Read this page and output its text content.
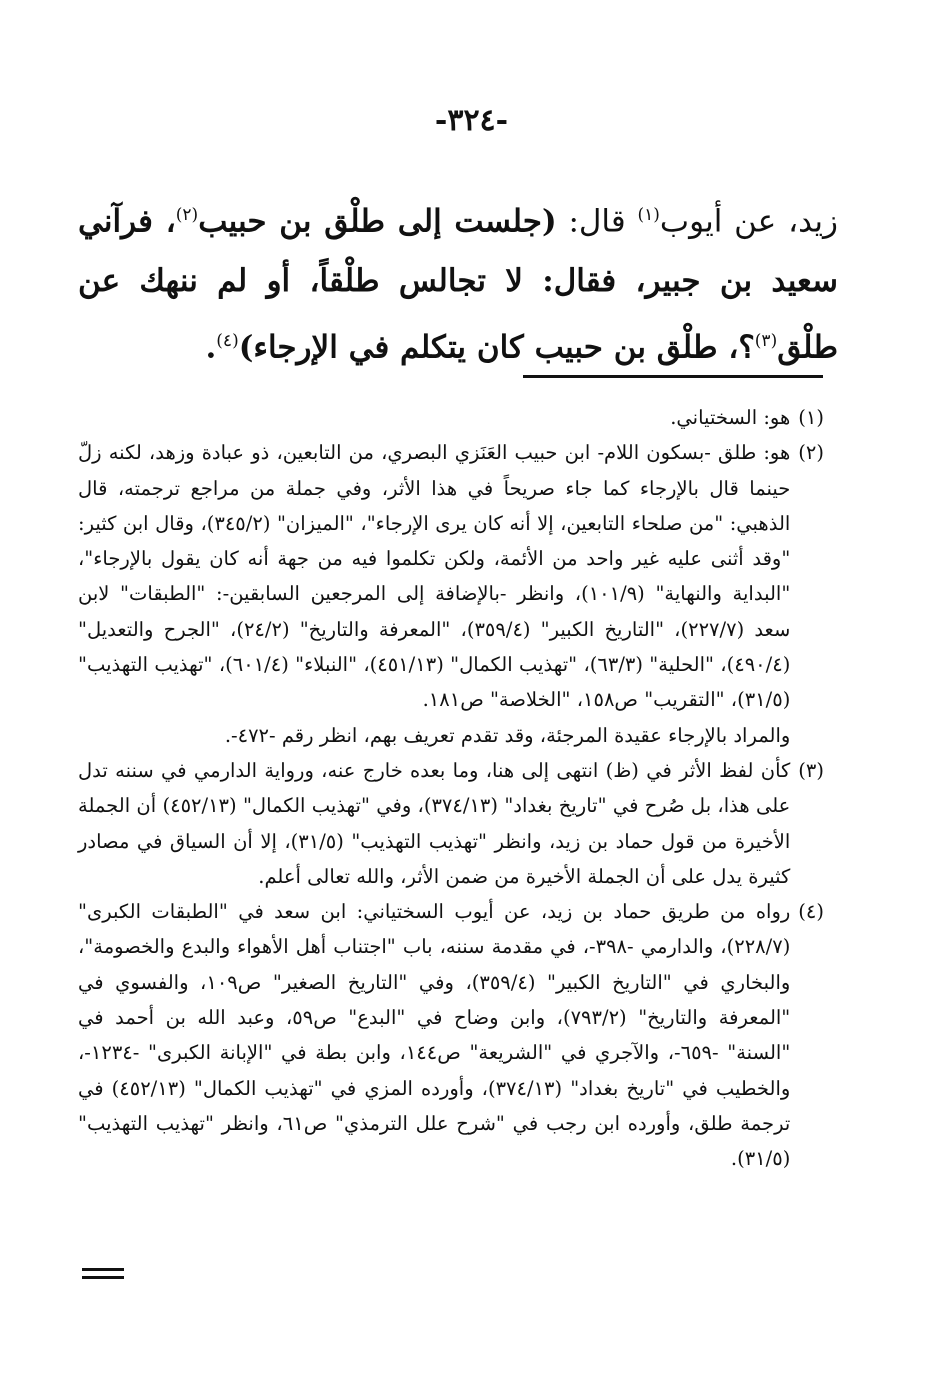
-٣٢٤-
زيد، عن أيوب$^{(١)}$ قال: (جلست إلى طلْق بن حبيب$^{(٢)}$، فرآني سعيد بن جبير، فقال: لا تجالس طلْقاً، أو لم ننهك عن طلْق$^{(٣)}$؟، طلْق بن حبيب كان يتكلم في الإرجاء)$^{(٤)}$.
(١)

هو: السختياني.

(٢)

هو: طلق -بسكون اللام- ابن حبيب العَنَزي البصري، من التابعين، ذو عبادة وزهد، لكنه زلّ حينما قال بالإرجاء كما جاء صريحاً في هذا الأثر، وفي جملة من مراجع ترجمته، قال الذهبي: "من صلحاء التابعين، إلا أنه كان يرى الإرجاء"، "الميزان" (٣٤٥/٢)، وقال ابن كثير: "وقد أثنى عليه غير واحد من الأئمة، ولكن تكلموا فيه من جهة أنه كان يقول بالإرجاء"، "البداية والنهاية" (١٠١/٩)، وانظر -بالإضافة إلى المرجعين السابقين-: "الطبقات" لابن سعد (٢٢٧/٧)، "التاريخ الكبير" (٣٥٩/٤)، "المعرفة والتاريخ" (٢٤/٢)، "الجرح والتعديل" (٤٩٠/٤)، "الحلية" (٦٣/٣)، "تهذيب الكمال" (٤٥١/١٣)، "النبلاء" (٦٠١/٤)، "تهذيب التهذيب" (٣١/٥)، "التقريب" ص١٥٨، "الخلاصة" ص١٨١.

والمراد بالإرجاء عقيدة المرجئة، وقد تقدم تعريف بهم، انظر رقم -٤٧٢-.

(٣)

كأن لفظ الأثر في (ظ) انتهى إلى هنا، وما بعده خارج عنه، ورواية الدارمي في سننه تدل على هذا، بل صُرح في "تاريخ بغداد" (٣٧٤/١٣)، وفي "تهذيب الكمال" (٤٥٢/١٣) أن الجملة الأخيرة من قول حماد بن زيد، وانظر "تهذيب التهذيب" (٣١/٥)، إلا أن السياق في مصادر كثيرة يدل على أن الجملة الأخيرة من ضمن الأثر، والله تعالى أعلم.

(٤)

رواه من طريق حماد بن زيد، عن أيوب السختياني: ابن سعد في "الطبقات الكبرى" (٢٢٨/٧)، والدارمي -٣٩٨-، في مقدمة سننه، باب "اجتناب أهل الأهواء والبدع والخصومة"، والبخاري في "التاريخ الكبير" (٣٥٩/٤)، وفي "التاريخ الصغير" ص١٠٩، والفسوي في "المعرفة والتاريخ" (٧٩٣/٢)، وابن وضاح في "البدع" ص٥٩، وعبد الله بن أحمد في "السنة" -٦٥٩-، والآجري في "الشريعة" ص١٤٤، وابن بطة في "الإبانة الكبرى" -١٢٣٤-، والخطيب في "تاريخ بغداد" (٣٧٤/١٣)، وأورده المزي في "تهذيب الكمال" (٤٥٢/١٣) في ترجمة طلق، وأورده ابن رجب في "شرح علل الترمذي" ص٦١، وانظر "تهذيب التهذيب" (٣١/٥).
